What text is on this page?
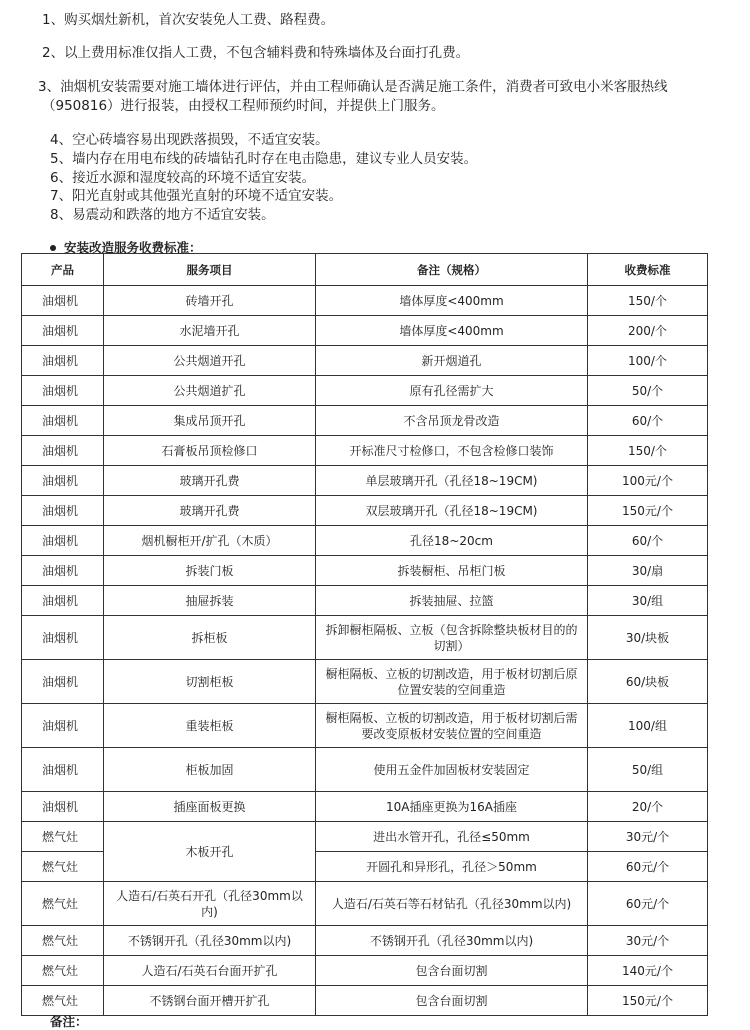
1、购买烟灶新机，首次安装免人工费、路程费。
2、以上费用标准仅指人工费，不包含辅料费和特殊墙体及台面打孔费。
3、油烟机安装需要对施工墙体进行评估，并由工程师确认是否满足施工条件，消费者可致电小米客服热线
（950816）进行报装，由授权工程师预约时间，并提供上门服务。
4、空心砖墙容易出现跌落损毁，不适宜安装。
5、墙内存在用电布线的砖墙钻孔时存在电击隐患，建议专业人员安装。
6、接近水源和湿度较高的环境不适宜安装。
7、阳光直射或其他强光直射的环境不适宜安装。
8、易震动和跌落的地方不适宜安装。
安装改造服务收费标准：
产品	服务项目	备注（规格）	收费标准
油烟机	砖墙开孔	墙体厚度<400mm	150/个
油烟机	水泥墙开孔	墙体厚度<400mm	200/个
油烟机	公共烟道开孔	新开烟道孔	100/个
油烟机	公共烟道扩孔	原有孔径需扩大	50/个
油烟机	集成吊顶开孔	不含吊顶龙骨改造	60/个
油烟机	石膏板吊顶检修口	开标准尺寸检修口，不包含检修口装饰	150/个
油烟机	玻璃开孔费	单层玻璃开孔（孔径18~19CM)	100元/个
油烟机	玻璃开孔费	双层玻璃开孔（孔径18~19CM)	150元/个
油烟机	烟机橱柜开/扩孔（木质）	孔径18~20cm	60/个
油烟机	拆装门板	拆装橱柜、吊柜门板	30/扇
油烟机	抽屉拆装	拆装抽屉、拉篮	30/组
油烟机	拆柜板	拆卸橱柜隔板、立板（包含拆除整块板材目的的切割）	30/块板
油烟机	切割柜板	橱柜隔板、立板的切割改造，用于板材切割后原位置安装的空间重造	60/块板
油烟机	重装柜板	橱柜隔板、立板的切割改造，用于板材切割后需要改变原板材安装位置的空间重造	100/组
油烟机	柜板加固	使用五金件加固板材安装固定	50/组
油烟机	插座面板更换	10A插座更换为16A插座	20/个
燃气灶	木板开孔	进出水管开孔，孔径≤50mm	30元/个
燃气灶		开圆孔和异形孔，孔径＞50mm	60元/个
燃气灶	人造石/石英石开孔（孔径30mm以内)	人造石/石英石等石材钻孔（孔径30mm以内)	60元/个
燃气灶	不锈钢开孔（孔径30mm以内)	不锈钢开孔（孔径30mm以内)	30元/个
燃气灶	人造石/石英石台面开扩孔	包含台面切割	140元/个
燃气灶	不锈钢台面开槽开扩孔	包含台面切割	150元/个
备注：
